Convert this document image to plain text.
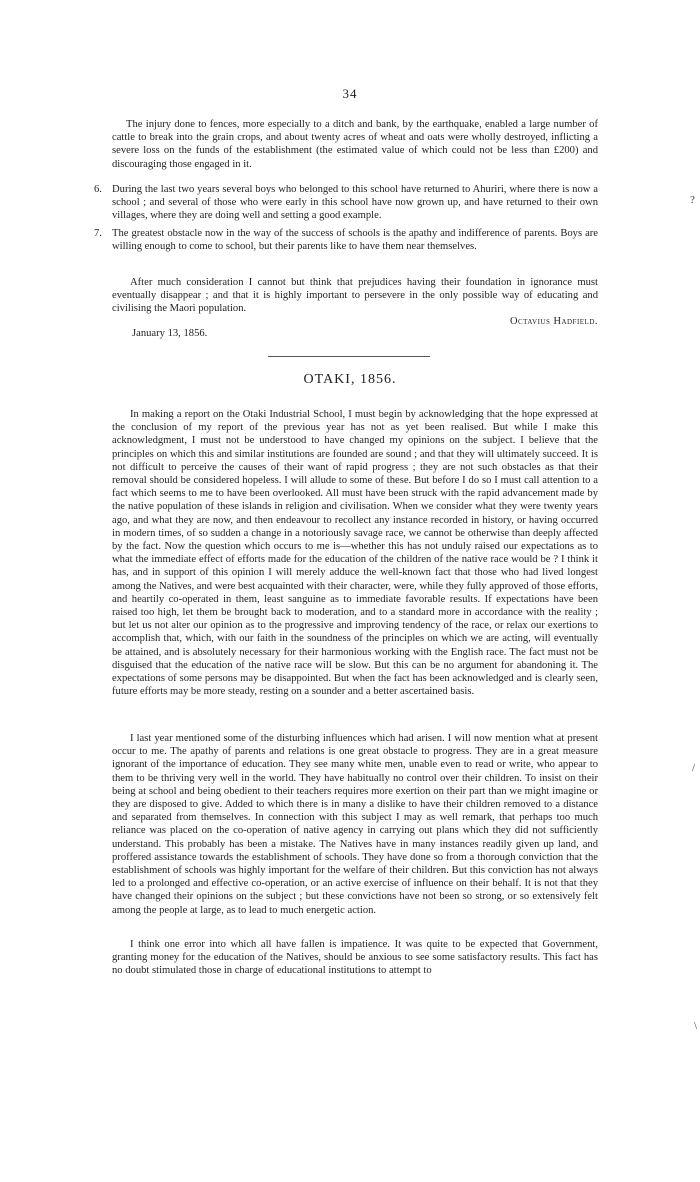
34

The injury done to fences, more especially to a ditch and bank, by the earthquake, enabled a large number of cattle to break into the grain crops, and about twenty acres of wheat and oats were wholly destroyed, inflicting a severe loss on the funds of the establishment (the estimated value of which could not be less than £200) and discouraging those engaged in it.

6. During the last two years several boys who belonged to this school have returned to Ahuriri, where there is now a school ; and several of those who were early in this school have now grown up, and have returned to their own villages, where they are doing well and setting a good example.

7. The greatest obstacle now in the way of the success of schools is the apathy and indifference of parents. Boys are willing enough to come to school, but their parents like to have them near themselves.

After much consideration I cannot but think that prejudices having their foundation in ignorance must eventually disappear ; and that it is highly important to persevere in the only possible way of educating and civilising the Maori population.

Octavius Hadfield.
January 13, 1856.
OTAKI, 1856.

In making a report on the Otaki Industrial School, I must begin by acknowledging that the hope expressed at the conclusion of my report of the previous year has not as yet been realised. But while I make this acknowledgment, I must not be understood to have changed my opinions on the subject. I believe that the principles on which this and similar institutions are founded are sound ; and that they will ultimately succeed. It is not difficult to perceive the causes of their want of rapid progress ; they are not such obstacles as that their removal should be considered hopeless. I will allude to some of these. But before I do so I must call attention to a fact which seems to me to have been overlooked. All must have been struck with the rapid advancement made by the native population of these islands in religion and civilisation. When we consider what they were twenty years ago, and what they are now, and then endeavour to recollect any instance recorded in history, or having occurred in modern times, of so sudden a change in a notoriously savage race, we cannot be otherwise than deeply affected by the fact. Now the question which occurs to me is—whether this has not unduly raised our expectations as to what the immediate effect of efforts made for the education of the children of the native race would be ? I think it has, and in support of this opinion I will merely adduce the well-known fact that those who had lived longest among the Natives, and were best acquainted with their character, were, while they fully approved of those efforts, and heartily co-operated in them, least sanguine as to immediate favorable results. If expectations have been raised too high, let them be brought back to moderation, and to a standard more in accordance with the reality ; but let us not alter our opinion as to the progressive and improving tendency of the race, or relax our exertions to accomplish that, which, with our faith in the soundness of the principles on which we are acting, will eventually be attained, and is absolutely necessary for their harmonious working with the English race. The fact must not be disguised that the education of the native race will be slow. But this can be no argument for abandoning it. The expectations of some persons may be disappointed. But when the fact has been acknowledged and is clearly seen, future efforts may be more steady, resting on a sounder and a better ascertained basis.

I last year mentioned some of the disturbing influences which had arisen. I will now mention what at present occur to me. The apathy of parents and relations is one great obstacle to progress. They are in a great measure ignorant of the importance of education. They see many white men, unable even to read or write, who appear to them to be thriving very well in the world. They have habitually no control over their children. To insist on their being at school and being obedient to their teachers requires more exertion on their part than we might imagine or they are disposed to give. Added to which there is in many a dislike to have their children removed to a distance and separated from themselves. In connection with this subject I may as well remark, that perhaps too much reliance was placed on the co-operation of native agency in carrying out plans which they did not sufficiently understand. This probably has been a mistake. The Natives have in many instances readily given up land, and proffered assistance towards the establishment of schools. They have done so from a thorough conviction that the establishment of schools was highly important for the welfare of their children. But this conviction has not always led to a prolonged and effective co-operation, or an active exercise of influence on their behalf. It is not that they have changed their opinions on the subject ; but these convictions have not been so strong, or so extensively felt among the people at large, as to lead to much energetic action.

I think one error into which all have fallen is impatience. It was quite to be expected that Government, granting money for the education of the Natives, should be anxious to see some satisfactory results. This fact has no doubt stimulated those in charge of educational institutions to attempt to

?
/
\
